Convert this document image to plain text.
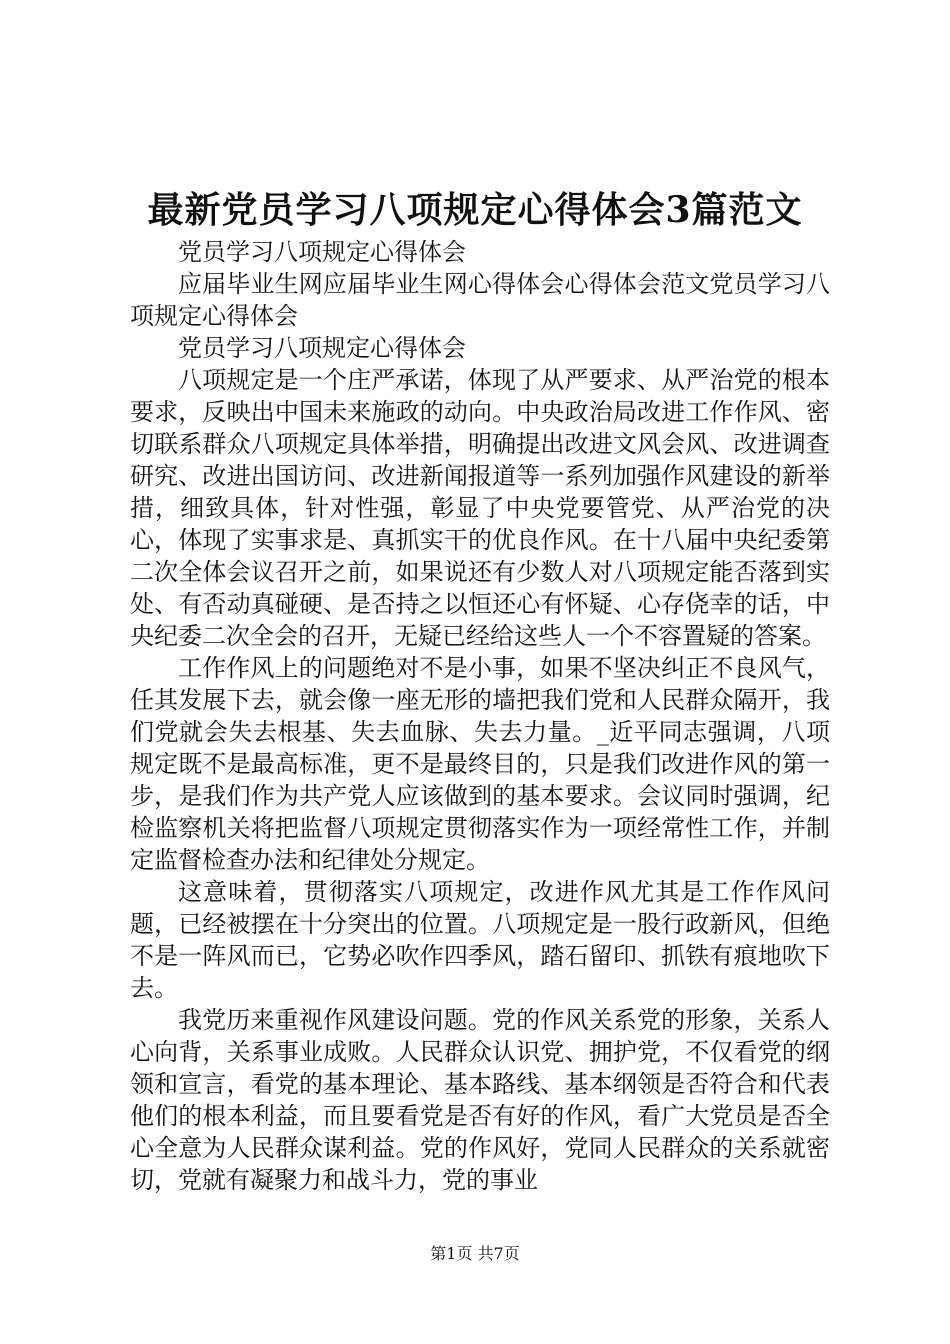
最新党员学习八项规定心得体会3篇范文

党员学习八项规定心得体会

应届毕业生网应届毕业生网心得体会心得体会范文党员学习八项规定心得体会

党员学习八项规定心得体会

八项规定是一个庄严承诺，体现了从严要求、从严治党的根本要求，反映出中国未来施政的动向。中央政治局改进工作作风、密切联系群众八项规定具体举措，明确提出改进文风会风、改进调查研究、改进出国访问、改进新闻报道等一系列加强作风建设的新举措，细致具体，针对性强，彰显了中央党要管党、从严治党的决心，体现了实事求是、真抓实干的优良作风。在十八届中央纪委第二次全体会议召开之前，如果说还有少数人对八项规定能否落到实处、有否动真碰硬、是否持之以恒还心有怀疑、心存侥幸的话，中央纪委二次全会的召开，无疑已经给这些人一个不容置疑的答案。

工作作风上的问题绝对不是小事，如果不坚决纠正不良风气，任其发展下去，就会像一座无形的墙把我们党和人民群众隔开，我们党就会失去根基、失去血脉、失去力量。_近平同志强调，八项规定既不是最高标准，更不是最终目的，只是我们改进作风的第一步，是我们作为共产党人应该做到的基本要求。会议同时强调，纪检监察机关将把监督八项规定贯彻落实作为一项经常性工作，并制定监督检查办法和纪律处分规定。

这意味着，贯彻落实八项规定，改进作风尤其是工作作风问题，已经被摆在十分突出的位置。八项规定是一股行政新风，但绝不是一阵风而已，它势必吹作四季风，踏石留印、抓铁有痕地吹下去。

我党历来重视作风建设问题。党的作风关系党的形象，关系人心向背，关系事业成败。人民群众认识党、拥护党，不仅看党的纲领和宣言，看党的基本理论、基本路线、基本纲领是否符合和代表他们的根本利益，而且要看党是否有好的作风，看广大党员是否全心全意为人民群众谋利益。党的作风好，党同人民群众的关系就密切，党就有凝聚力和战斗力，党的事业

第1页 共7页
